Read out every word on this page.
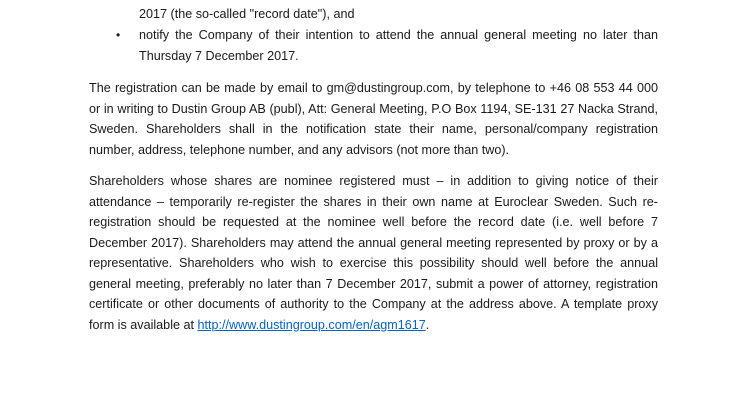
2017 (the so-called "record date"), and
•	notify the Company of their intention to attend the annual general meeting no later than
Thursday 7 December 2017.
The registration can be made by email to gm@dustingroup.com, by telephone to +46 08 553 44 000
or in writing to Dustin Group AB (publ), Att: General Meeting, P.O Box 1194, SE-131 27 Nacka Strand,
Sweden. Shareholders shall in the notification state their name, personal/company registration
number, address, telephone number, and any advisors (not more than two).
Shareholders whose shares are nominee registered must – in addition to giving notice of their
attendance – temporarily re-register the shares in their own name at Euroclear Sweden. Such re-
registration should be requested at the nominee well before the record date (i.e. well before 7
December 2017). Shareholders may attend the annual general meeting represented by proxy or by a
representative. Shareholders who wish to exercise this possibility should well before the annual
general meeting, preferably no later than 7 December 2017, submit a power of attorney, registration
certificate or other documents of authority to the Company at the address above. A template proxy
form is available at http://www.dustingroup.com/en/agm1617.
